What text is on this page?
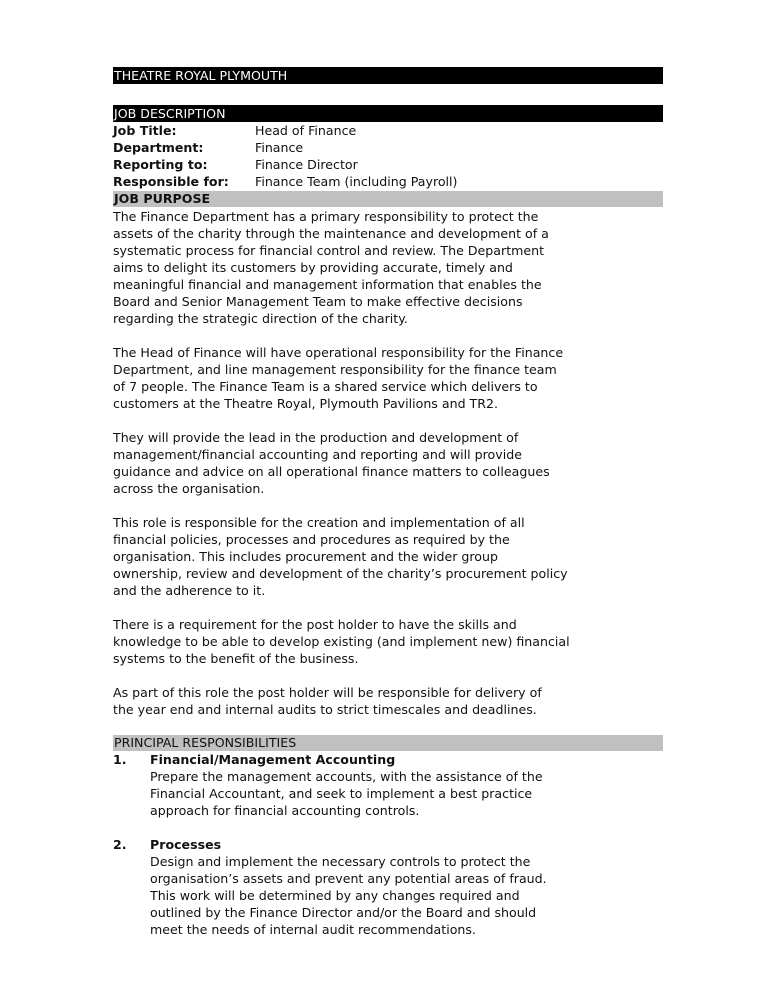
THEATRE ROYAL PLYMOUTH
JOB DESCRIPTION
Job Title:	Head of Finance
Department:	Finance
Reporting to:	Finance Director
Responsible for:	Finance Team (including Payroll)
JOB PURPOSE
The Finance Department has a primary responsibility to protect the
assets of the charity through the maintenance and development of a
systematic process for financial control and review. The Department
aims to delight its customers by providing accurate, timely and
meaningful financial and management information that enables the
Board and Senior Management Team to make effective decisions
regarding the strategic direction of the charity.
The Head of Finance will have operational responsibility for the Finance
Department, and line management responsibility for the finance team
of 7 people. The Finance Team is a shared service which delivers to
customers at the Theatre Royal, Plymouth Pavilions and TR2.
They will provide the lead in the production and development of
management/financial accounting and reporting and will provide
guidance and advice on all operational finance matters to colleagues
across the organisation.
This role is responsible for the creation and implementation of all
financial policies, processes and procedures as required by the
organisation. This includes procurement and the wider group
ownership, review and development of the charity’s procurement policy
and the adherence to it.
There is a requirement for the post holder to have the skills and
knowledge to be able to develop existing (and implement new) financial
systems to the benefit of the business.
As part of this role the post holder will be responsible for delivery of
the year end and internal audits to strict timescales and deadlines.
PRINCIPAL RESPONSIBILITIES
1.	Financial/Management Accounting
Prepare the management accounts, with the assistance of the
Financial Accountant, and seek to implement a best practice
approach for financial accounting controls.
2.	Processes
Design and implement the necessary controls to protect the
organisation’s assets and prevent any potential areas of fraud.
This work will be determined by any changes required and
outlined by the Finance Director and/or the Board and should
meet the needs of internal audit recommendations.
